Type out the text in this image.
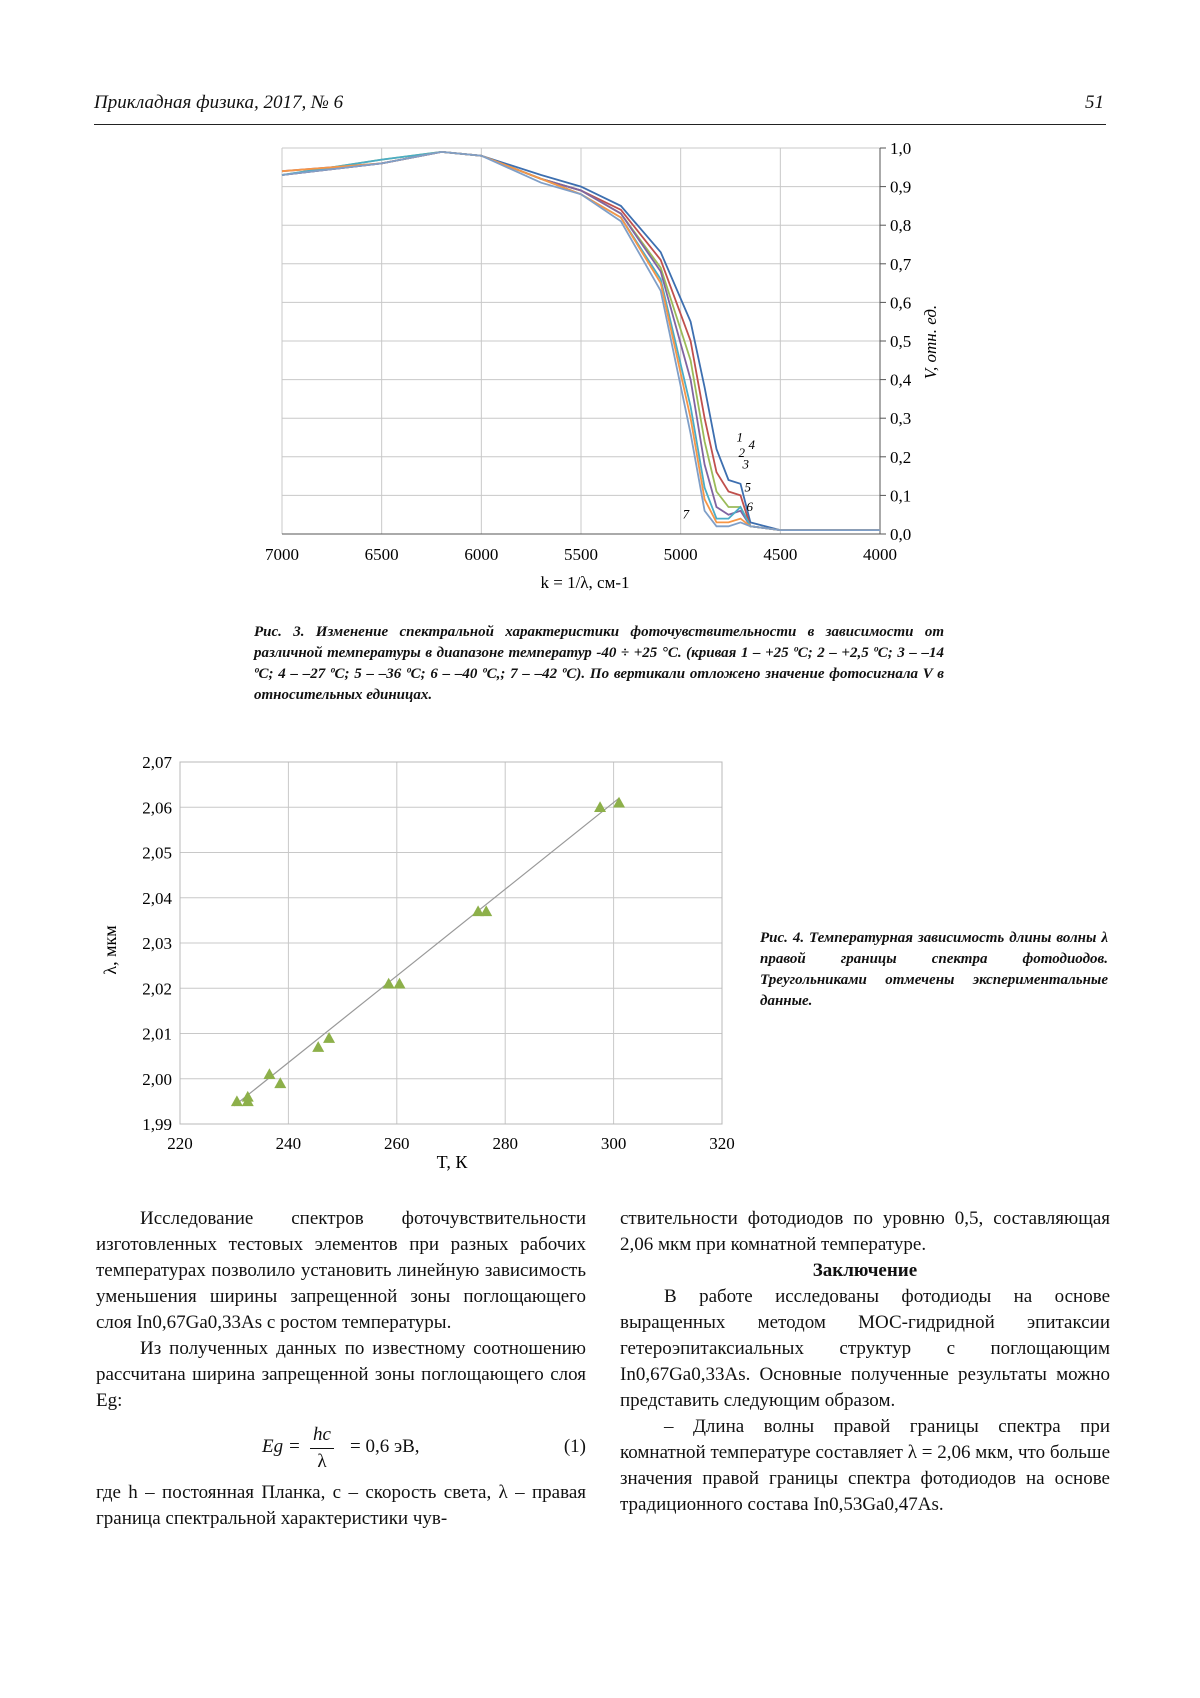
Прикладная физика, 2017, № 6	51
0,0
0,1
0,2
0,3
0,4
0,5
0,6
0,7
0,8
0,9
1,0
7000	6500	6000	5500	5000	4500	4000
1
2
3
4
5
6
7
k = 1/λ, см-1
V, отн. ед.
Рис. 3. Изменение спектральной характеристики фоточувствительности в зависимости от различной температуры в диапазоне температур -40 ÷ +25 °С. (кривая 1 – +25 ºС; 2 – +2,5 ºС; 3 – –14 ºС; 4 – –27 ºС; 5 – –36 ºС; 6 – –40 ºС,; 7 – –42 ºС). По вертикали отложено значение фотосигнала V в относительных единицах.
1,99
2,00
2,01
2,02
2,03
2,04
2,05
2,06
2,07
220	240	260	280	300	320
T, К
λ, мкм	Рис. 4. Температурная зависимость длины волны λ правой границы спектра фотодиодов. Треугольниками отмечены экспериментальные данные.

Исследование спектров фоточувствительности изготовленных тестовых элементов при разных рабочих температурах позволило установить линейную зависимость уменьшения ширины запрещенной зоны поглощающего слоя In0,67Ga0,33As с ростом температуры.

Из полученных данных по известному соотношению рассчитана ширина запрещенной зоны поглощающего слоя Eg:

$Eg = \frac{hc}{\lambda} = 0,6$ эВ,	(1)

где h – постоянная Планка, c – скорость света, λ – правая граница спектральной характеристики чув-

ствительности фотодиодов по уровню 0,5, составляющая 2,06 мкм при комнатной температуре.

Заключение

В работе исследованы фотодиоды на основе выращенных методом МОС-гидридной эпитаксии гетероэпитаксиальных структур с поглощающим In0,67Ga0,33As. Основные полученные результаты можно представить следующим образом.

– Длина волны правой границы спектра при комнатной температуре составляет λ = 2,06 мкм, что больше значения правой границы спектра фотодиодов на основе традиционного состава In0,53Ga0,47As.
